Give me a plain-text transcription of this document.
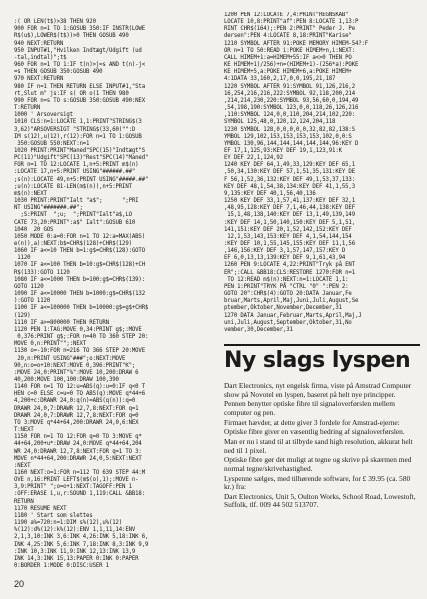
:( OR LEN(t$)>38 THEN 920
900 FOR n=1 TO 1:GOSUB 350:IF INSTR(LOWE
R$(u$),LOWER$(t$))>0 THEN GOSUB 490
940 NEXT:RETURN
950 INPUT#1,"Hvilken Indtægt/Udgift (ud
-tal,indtal)";t$
960 FOR n=1 TO 1:IF t(n)>j=s AND t(n)-j<
=s THEN GOSUB 350:GOSUB 490
970 NEXT:RETURN
980 IF n=1 THEN RETURN ELSE INPUT#1,"Sta
rt,Slut m" js:IF s( OR o(1 THEN 980
990 FOR n=s TO s:GOSUB 350:GOSUB 490:NEX
T:RETURN
1000 ' Arsoversigt
1010 CLS:n=1:LOCATE 1,1:PRINT"STRING$(3
3,62)"ARSOVERSIGT "STRING$(33,60)"":D
IM s(12),u(12),r(12):FOR n=1 TO 1:GOSUB
350:GOSUB 550:NEXT:n=1
1020 PRINT:PRINT"Maned"SPC(15)"Indtægt"S
PC(11)"Udgift"SPC(13)"Rest"SPC(14)"Maned"
FOR n=1 TO 12:LOCATE 1,n+5:PRINT m$(n)
:LOCATE 17,n+5:PRINT USING"######.##"
;s(n):LOCATE 49,n+5:PRINT USING"#####.##"
;u(n):LOCATE 81-LEN(m$(n)),n+5:PRINT
m$(n):NEXT
1030 PRINT:PRINT"Ialt "a$";      ";PRI
NT USING"#######.##";
;S:PRINT  ";u;  ";PRINT"Ialt"a$,LO
CATE 73,20:PRINT":a$" Ialt":GOSUB 610
1040  20 GOS
1050 MODE 0:a=0:FOR n=1 TO 12:a=MAX(ABS(
e(n)),a):NEXT:b$=CHR$(128)+CHR$(129)
1060 IF a<=10 THEN b=1:g$=CHR$(128):GOTO
1120
1070 IF a<=100 THEN b=10:g$=CHR$(128)+CH
R$(133):GOTO 1120
1080 IF a<=1000 THEN b=100:g$=CHR$(139):
GOTO 1120
1090 IF a<=10000 THEN b=1000:g$=CHR$(132
):GOTO 1120
1100 IF a<=100000 THEN b=10000:g$=g$+CHR$
(129)
1110 IF a>=800000 THEN RETURN
1120 PEN 1:TAG:MOVE 0,34:PRINT g$;:MOVE
0,376:PRINT g$;:FOR n=40 TO 360 STEP 20:
MOVE 0,n:PRINT"";:NEXT
1130 o=-10:FOR n=216 TO 366 STEP 20:MOVE
20,n:PRINT USING"###";o:NEXT:MOVE
90,n:o=o+10:NEXT:MOVE 0,396:PRINT"K";
:MOVE 24,0:PRINT"%":MOVE 10,200:DRAW 6
40,200:MOVE 100,100:DRAW 100,390
1140 FOR n=1 TO 12:u=ABS(q):u=0:IF q<0 T
HEN c=0 ELSE c=u=0 TO ABS(q):MOVE q*44+6
4,200+c:DRAWR 24,0:q(n)=ABS(q(n)):q=0
DRAWR 24,0,7:DRAWR 12,7,8:NEXT:FOR q=1
DRAWR 24,0,7:DRAWR 12,7,8:NEXT:FOR q=0
TO 3:MOVE q*44+64,200:DRAWR 24,0,6:NEX
T:NEXT
1150 FOR n=1 TO 12:FOR q=0 TO 3:MOVE q*
44+64,200+u*:DRAW 24,0:MOVE q*44+64,204
WR 24,0:DRAWR 12,7,8:NEXT:FOR q=1 TO 3:
MOVE n*44+64,200:DRAWR 24,0,5:NEXT:NEXT
:NEXT
1160 NEXT:o=1:FOR n=112 TO 639 STEP 44:M
OVE n,16:PRINT LEFT$(m$(o),1);:MOVE n-
3,9:PRINT" ";o=o+1:NEXT:TAGOFF:PEN 1
:OFF:ERASE i,u,r:SOUND 1,119:CALL &BB18:
RETURN
1170 RESUME NEXT
1180 ' Start som slettes
1190 a%=720:n=1:DIM s%(12),u%(12)
%(12):d%(12):k%(12):ENV 1,1,11,14:ENV
2,1,3,10:INK 3,6:INK 4,26:INK 5,18:INK 6,
INK 4,25:INK 5,6:INK 7,18:INK 8,3:INK 9,9
:INK 10,3:INK 11,9:INK 12,13:INK 13,9
INK 14,3:INK 15,13:PAPER 0:INK 0:PAPER
0:BORDER 1:MODE 0:DISC:USER 1
1200 PEN 12:LOCATE 7,4:PRINT"REGNSKAB"
LOCATE 10,8:PRINT"af":PEN 8:LOCATE 1,13:P
RINT CHR$(164);:PEN 2:PRINT" Peder J. Pe
dersen":PEN 4:LOCATE 8,18:PRINT"Karise"
1210 SYMBOL AFTER 91:POKE MEMORY HIMEM-54?:F
OR n=1 TO 50:READ i:POKE HIMEM+n,i:NEXT:
CALL HIMEM+1:a=HIMEM+55:IF a<>0 THEN PO
KE HIMEM+1)/256)+n=(HIMEM+1)-(256*a):POKE
KE HIMEM+5,a:POKE HIMEM+6,a:POKE HIMEM+
4:1DATA 33,160,2,17,0,0,195,21,187
1220 SYMBOL AFTER 91:SYMBOL 91,126,216,2
16,254,216,216,222:SYMBOL 92,118,200,214
,214,214,230,220:SYMBOL 93,56,60,0,194,49
,54,198,190:SYMBOL 123,0,0,118,26,126,216
,110:SYMBOL 124,0,0,110,204,214,102,220:
SYMBOL 125,48,0,120,12,124,204,118
1230 SYMBOL 128,0,0,0,0,0,32,82,82,138:S
YMBOL 129,102,153,153,153,153,102,0,0:S
YMBOL 130,96,144,144,144,144,144,96:KEY D
EF 17,1,125,93:KEY DEF 19,1,123,91:K
EY DEF 22,1,124,92
1240 KEY DEF 64,1,49,33,129:KEY DEF 65,1
,50,34,130:KEY DEF 57,1,51,35,131:KEY DE
F 56,1,52,36,132:KEY DEF 49,1,53,37,133:
KEY DEF 48,1,54,38,134:KEY DEF 41,1,55,3
9,135:KEY DEF 40,1,56,40,136
1250 KEY DEF 33,1,57,41,137:KEY DEF 32,1
,48,95,128:KEY DEF 7,1,46,44,138:KEY DEF
15,1,48,138,140:KEY DEF 13,1,49,139,149
:KEY DEF 14,1,50,140,150:KEY DEF 5,1,51,
141,151:KEY DEF 20,1,52,142,152:KEY DEF
12,1,53,143,153:KEY DEF 4,1,54,144,154
:KEY DEF 10,1,55,145,155:KEY DEF 11,1,56
,146,156:KEY DEF 3,1,57,147,157:KEY D
EF 6,0,13,13,139:KEY DEF 9,1,61,43,94
1260 PEN 9:LOCATE 4,22:PRINT"Tryk på ENT
ER";:CALL &BB18:CLS:RESTORE 1270:FOR n=1
TO 12:READ m$(n):NEXT:n=1:LOCATE 1,1:
PEN 1:PRINT"TRYK PÅ "CTRL "0" ":PEN 2:
GOTO 20":CHR$(4):GOTO 20:DATA Januar,Fe
bruar,Marts,April,Maj,Juni,Juli,August,Se
ptember,Oktober,November,December,31
1270 DATA Januar,Februar,Marts,April,Maj,J
uni,Juli,August,September,Oktober,31,No
vember,30,December,31
Ny slags lyspen

Dart Electronics, nyt engelsk firma, viste på Amstrad Computer show på Novotel en lyspen, baseret på helt nye principper.

Pennen benytter optiske fibre til signaloverførslen mellem computer og pen.

Firmaet hævder, at dette giver 3 fordele for Amstrad-ejerne:

Optiske fibre giver en væsentlig bedring af signaloverførslen.

Man er nu i stand til at tilbyde sand high resolution, akkurat helt ned til 1 pixel.

Optiske fibre gør det muligt at tegne og skrive på skærmen med normal tegne/skrivehastighed.

Lyspenne sælges, med tilhørende software, for £ 39.95 (ca. 580 kr.) fra:

Dart Electronics, Unit 5, Oulton Works, School Road, Lowestoft, Suffolk, tlf. 009 44 502 513707.

20
